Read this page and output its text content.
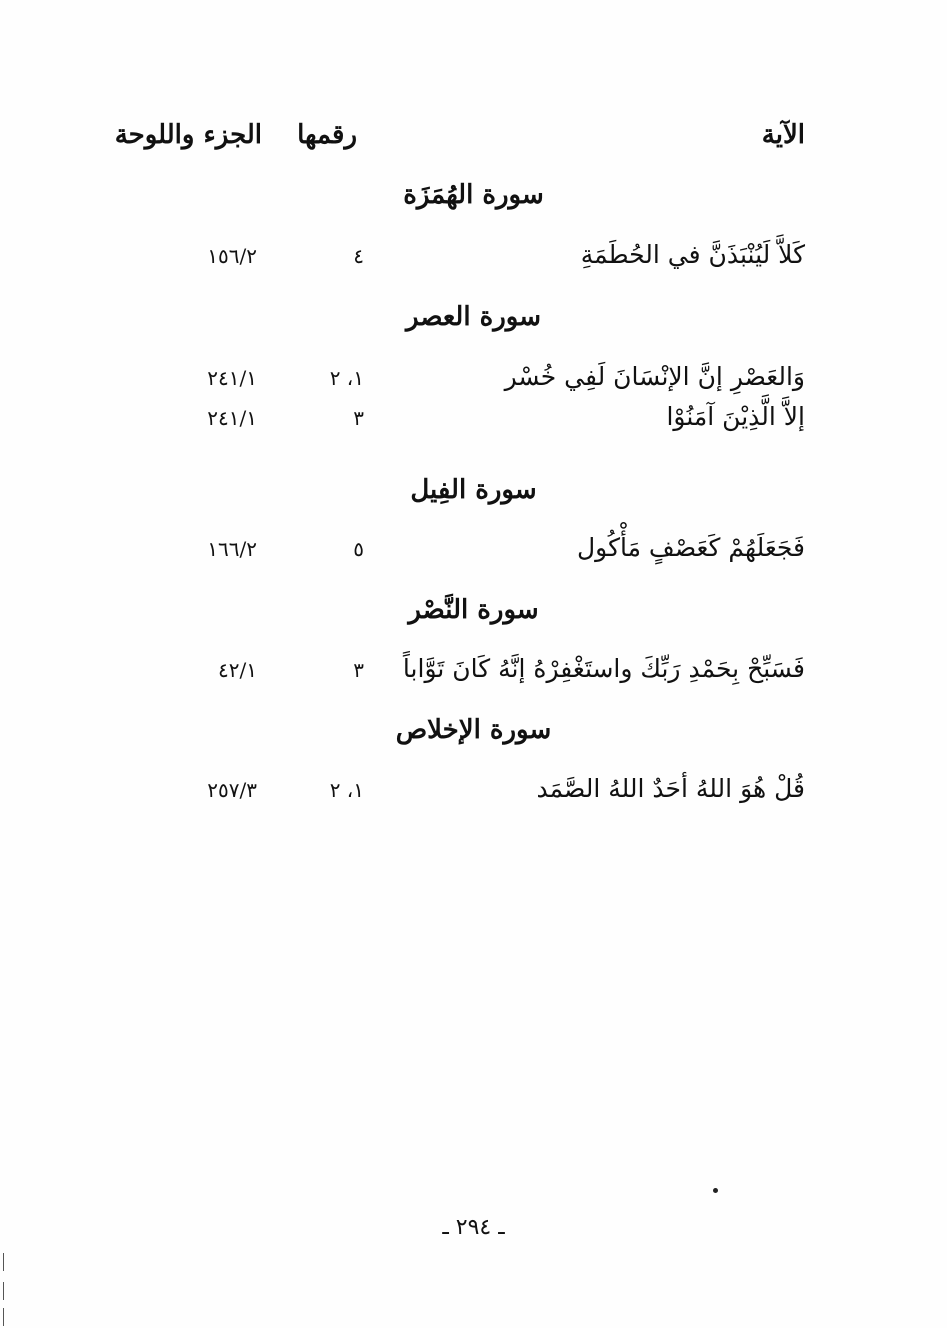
الآية
رقمها
الجزء واللوحة
سورة الهُمَزَة
كَلاَّ لَيُنْبَذَنَّ في الحُطَمَةِ
٤
١٥٦/٢
سورة العصر
وَالعَصْرِ إنَّ الإنْسَانَ لَفِي خُسْر
١، ٢
٢٤١/١
إلاَّ الَّذِيْنَ آمَنُوْا
٣
٢٤١/١
سورة الفِيل
فَجَعَلَهُمْ كَعَصْفٍ مَأْكُول
٥
١٦٦/٢
سورة النَّصْر
فَسَبِّحْ بِحَمْدِ رَبِّكَ واستَغْفِرْهُ إنَّهُ كَانَ تَوَّاباً
٣
٤٢/١
سورة الإخلاص
قُلْ هُوَ اللهُ أحَدٌ اللهُ الصَّمَد
١، ٢
٢٥٧/٣
ـ ٢٩٤ ـ
